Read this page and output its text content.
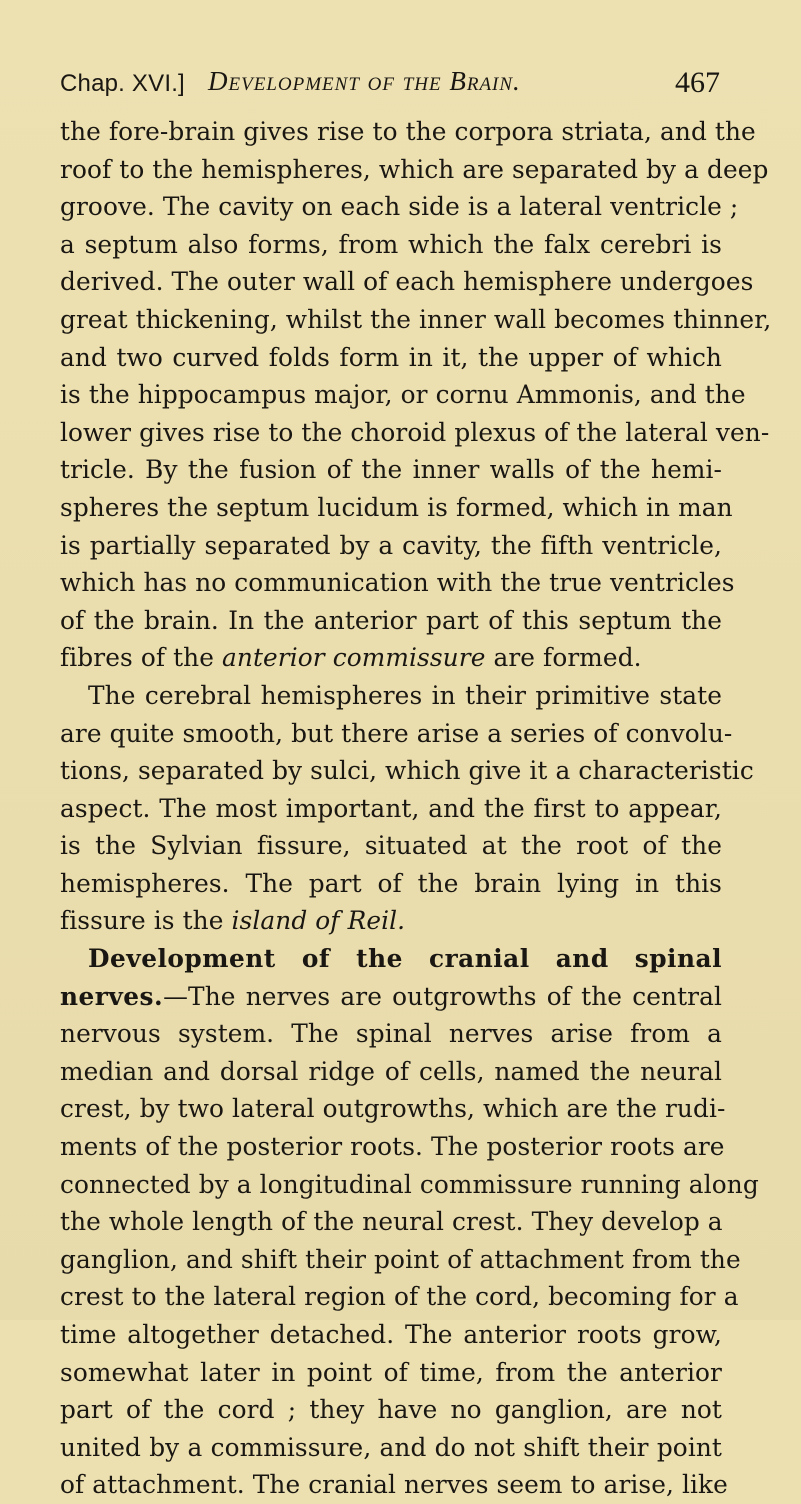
Chap. XVI.] Development of the Brain.	467
the fore-brain gives rise to the corpora striata, and the
roof to the hemispheres, which are separated by a deep
groove. The cavity on each side is a lateral ventricle ;
a septum also forms, from which the falx cerebri is
derived. The outer wall of each hemisphere undergoes
great thickening, whilst the inner wall becomes thinner,
and two curved folds form in it, the upper of which
is the hippocampus major, or cornu Ammonis, and the
lower gives rise to the choroid plexus of the lateral ven-
tricle. By the fusion of the inner walls of the hemi-
spheres the septum lucidum is formed, which in man
is partially separated by a cavity, the fifth ventricle,
which has no communication with the true ventricles
of the brain. In the anterior part of this septum the
fibres of the anterior commissure are formed.
The cerebral hemispheres in their primitive state
are quite smooth, but there arise a series of convolu-
tions, separated by sulci, which give it a characteristic
aspect. The most important, and the first to appear,
is the Sylvian fissure, situated at the root of the
hemispheres. The part of the brain lying in this
fissure is the island of Reil.
Development of the cranial and spinal
nerves.—The nerves are outgrowths of the central
nervous system. The spinal nerves arise from a
median and dorsal ridge of cells, named the neural
crest, by two lateral outgrowths, which are the rudi-
ments of the posterior roots. The posterior roots are
connected by a longitudinal commissure running along
the whole length of the neural crest. They develop a
ganglion, and shift their point of attachment from the
crest to the lateral region of the cord, becoming for a
time altogether detached. The anterior roots grow,
somewhat later in point of time, from the anterior
part of the cord ; they have no ganglion, are not
united by a commissure, and do not shift their point
of attachment. The cranial nerves seem to arise, like
